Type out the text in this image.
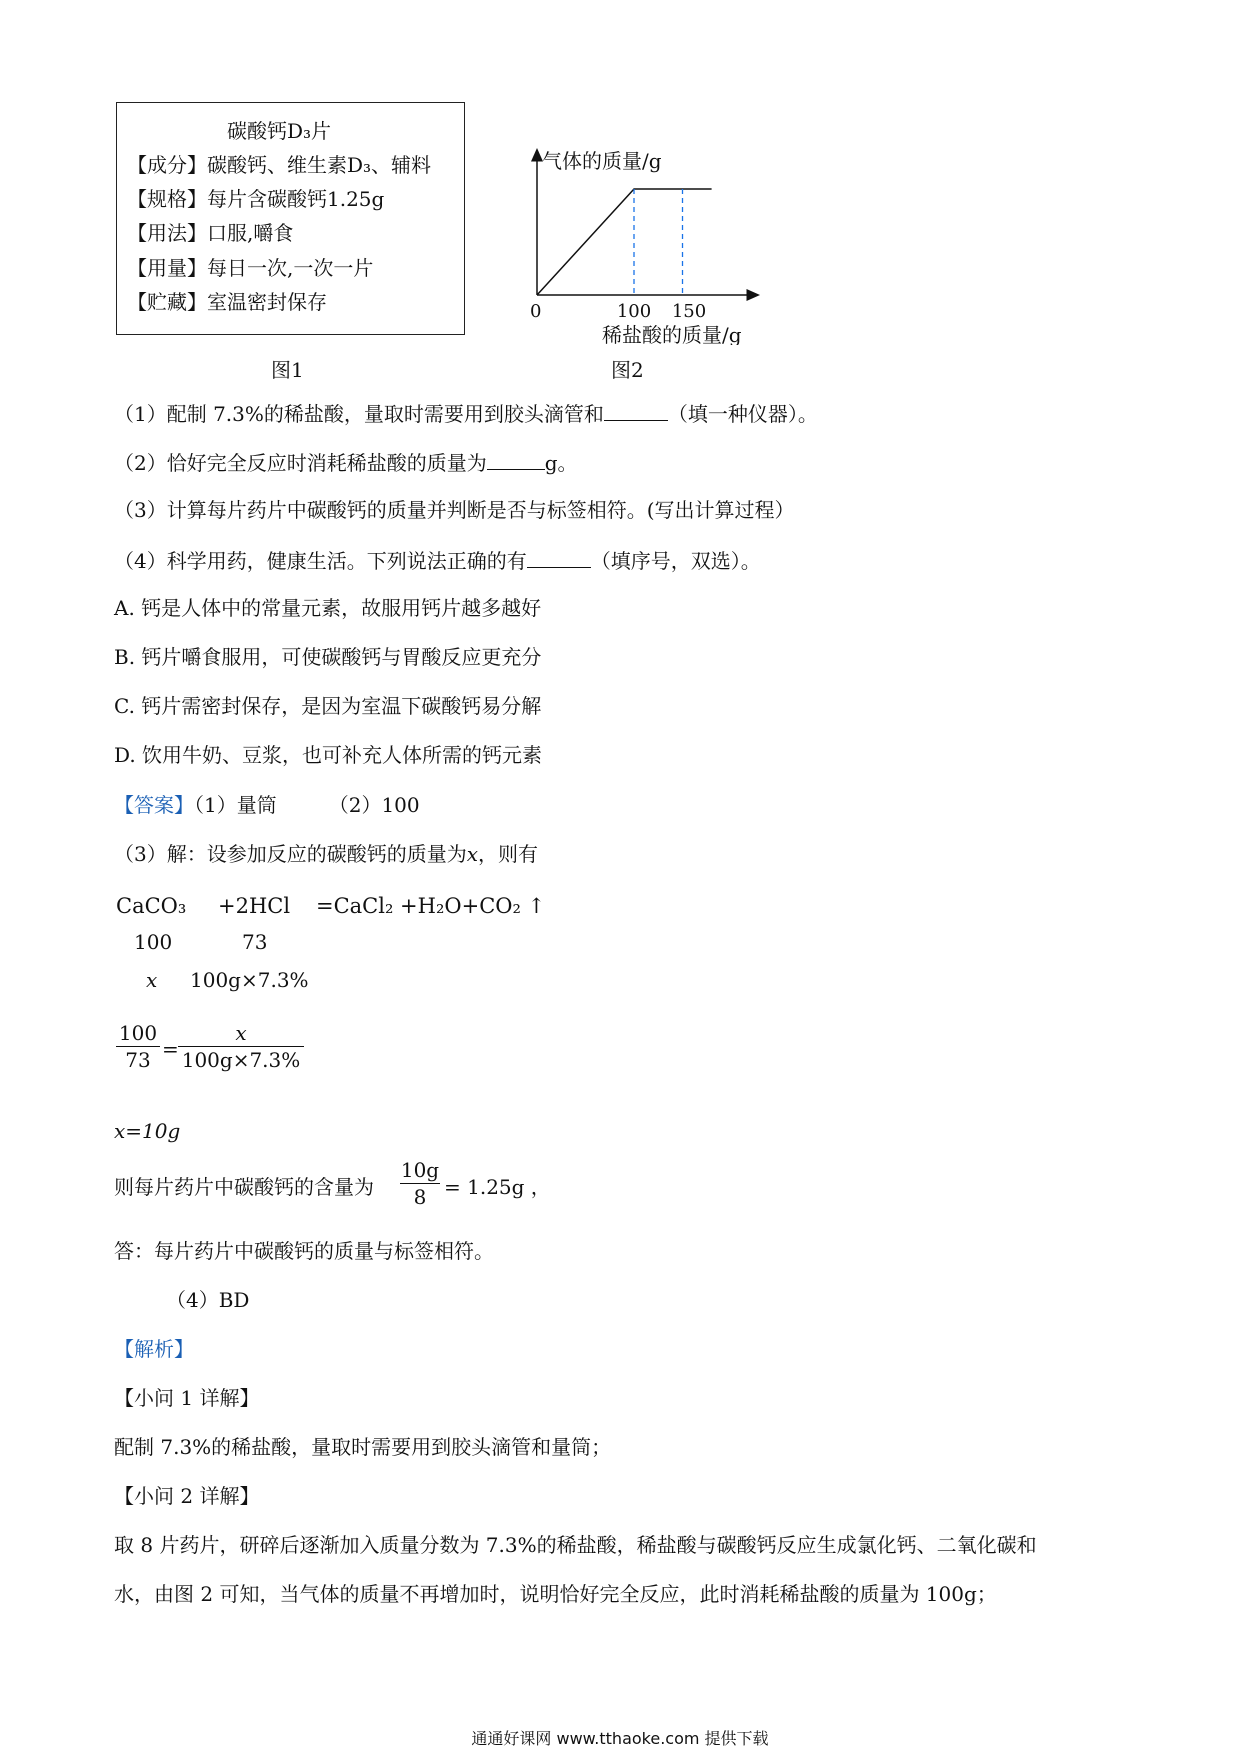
碳酸钙D₃片
【成分】碳酸钙、维生素D₃、辅料
【规格】每片含碳酸钙1.25g
【用法】口服,嚼食
【用量】每日一次,一次一片
【贮藏】室温密封保存
图1
气体的质量/g
0	100 150
稀盐酸的质量/g
图2
（1）配制 7.3%的稀盐酸，量取时需要用到胶头滴管和	（填一种仪器）。
（2）恰好完全反应时消耗稀盐酸的质量为	g。
（3）计算每片药片中碳酸钙的质量并判断是否与标签相符。(写出计算过程）
（4）科学用药，健康生活。下列说法正确的有	（填序号，双选）。
A. 钙是人体中的常量元素，故服用钙片越多越好
B. 钙片嚼食服用，可使碳酸钙与胃酸反应更充分
C. 钙片需密封保存，是因为室温下碳酸钙易分解
D. 饮用牛奶、豆浆，也可补充人体所需的钙元素
【答案】（1）量筒	（2）100
（3）解：设参加反应的碳酸钙的质量为x，则有
CaCO₃ +2HCl =CaCl₂ +H₂O+CO₂ ↑
100	73
x 100g×7.3%
100
73 =
x
100g×7.3%
x=10g
则每片药片中碳酸钙的含量为
10g
8 = 1.25g ，
答：每片药片中碳酸钙的质量与标签相符。
（4）BD
【解析】
【小问 1 详解】
配制 7.3%的稀盐酸，量取时需要用到胶头滴管和量筒；
【小问 2 详解】
取 8 片药片，研碎后逐渐加入质量分数为 7.3%的稀盐酸，稀盐酸与碳酸钙反应生成氯化钙、二氧化碳和
水，由图 2 可知，当气体的质量不再增加时，说明恰好完全反应，此时消耗稀盐酸的质量为 100g；
通通好课网 www.tthaoke.com 提供下载
